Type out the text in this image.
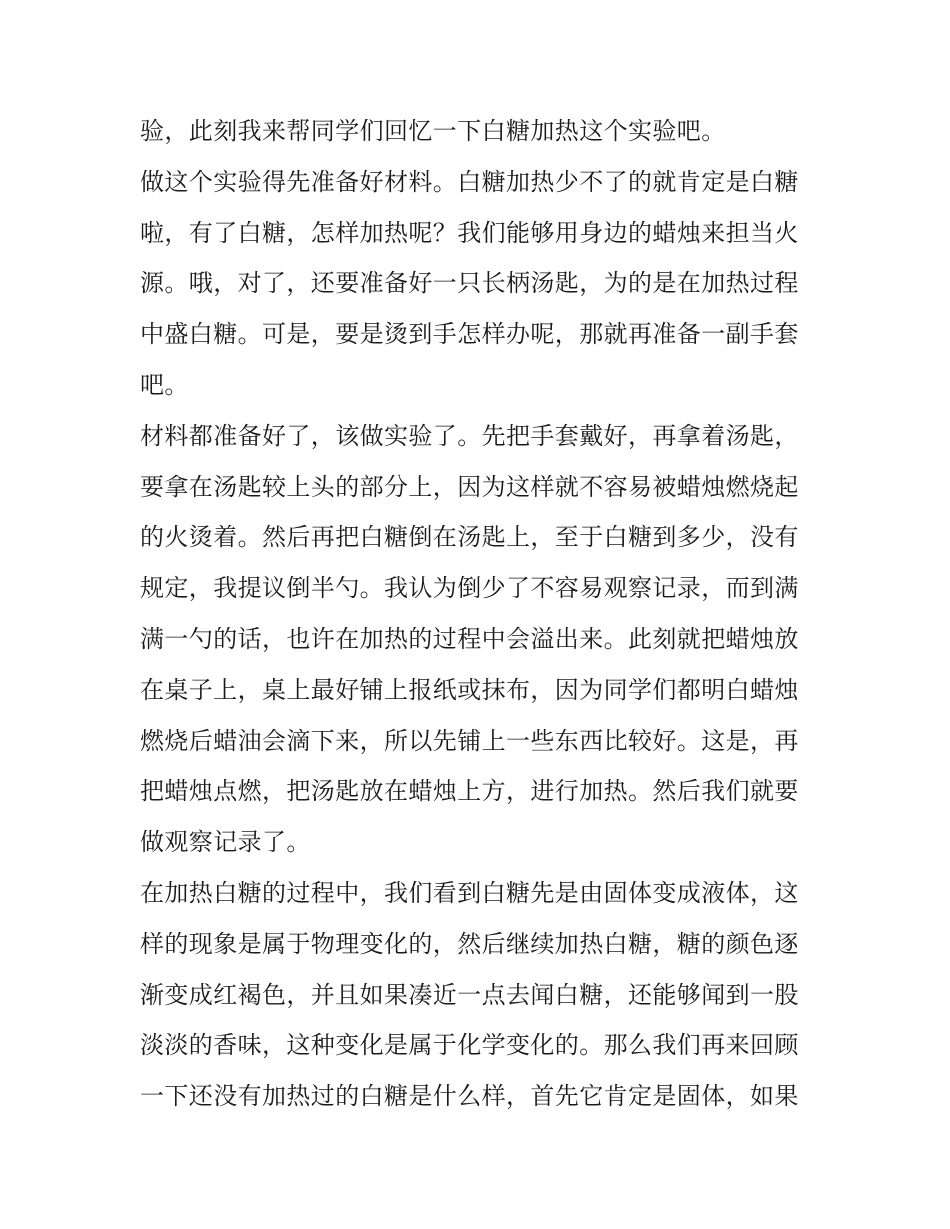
验，此刻我来帮同学们回忆一下白糖加热这个实验吧。

做这个实验得先准备好材料。白糖加热少不了的就肯定是白糖
啦，有了白糖，怎样加热呢？我们能够用身边的蜡烛来担当火
源。哦，对了，还要准备好一只长柄汤匙，为的是在加热过程
中盛白糖。可是，要是烫到手怎样办呢，那就再准备一副手套
吧。

材料都准备好了，该做实验了。先把手套戴好，再拿着汤匙，
要拿在汤匙较上头的部分上，因为这样就不容易被蜡烛燃烧起
的火烫着。然后再把白糖倒在汤匙上，至于白糖到多少，没有
规定，我提议倒半勺。我认为倒少了不容易观察记录，而到满
满一勺的话，也许在加热的过程中会溢出来。此刻就把蜡烛放
在桌子上，桌上最好铺上报纸或抹布，因为同学们都明白蜡烛
燃烧后蜡油会滴下来，所以先铺上一些东西比较好。这是，再
把蜡烛点燃，把汤匙放在蜡烛上方，进行加热。然后我们就要
做观察记录了。

在加热白糖的过程中，我们看到白糖先是由固体变成液体，这
样的现象是属于物理变化的，然后继续加热白糖，糖的颜色逐
渐变成红褐色，并且如果凑近一点去闻白糖，还能够闻到一股
淡淡的香味，这种变化是属于化学变化的。那么我们再来回顾
一下还没有加热过的白糖是什么样，首先它肯定是固体，如果
